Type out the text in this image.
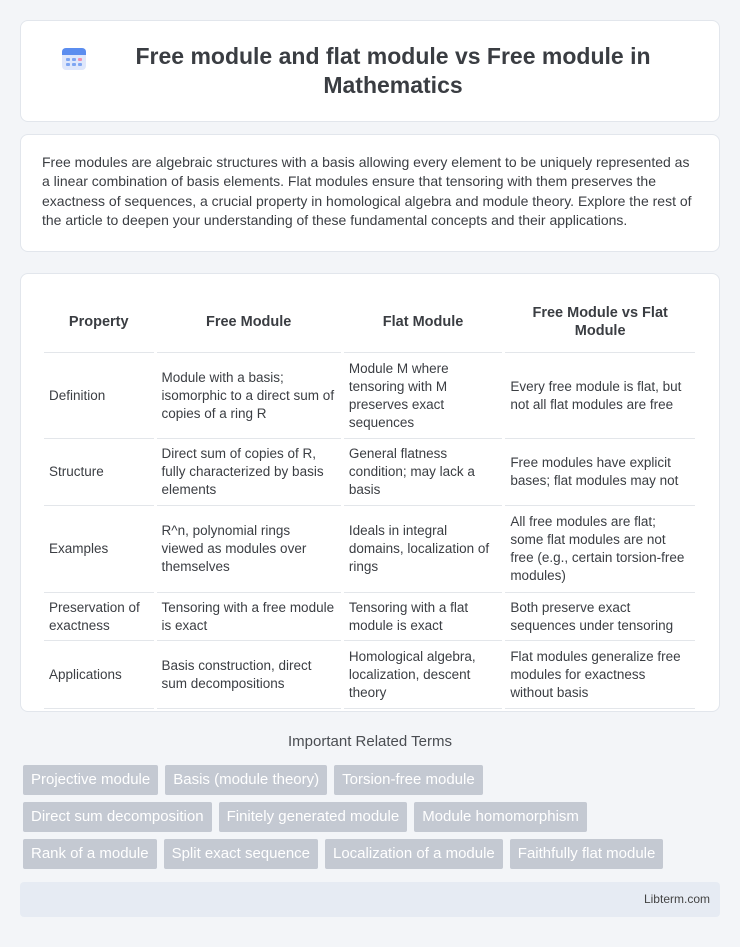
Free module and flat module vs Free module in Mathematics

Free modules are algebraic structures with a basis allowing every element to be uniquely represented as a linear combination of basis elements. Flat modules ensure that tensoring with them preserves the exactness of sequences, a crucial property in homological algebra and module theory. Explore the rest of the article to deepen your understanding of these fundamental concepts and their applications.

Property	Free Module	Flat Module	Free Module vs Flat Module
Definition	Module with a basis; isomorphic to a direct sum of copies of a ring R	Module M where tensoring with M preserves exact sequences	Every free module is flat, but not all flat modules are free
Structure	Direct sum of copies of R, fully characterized by basis elements	General flatness condition; may lack a basis	Free modules have explicit bases; flat modules may not
Examples	R^n, polynomial rings viewed as modules over themselves	Ideals in integral domains, localization of rings	All free modules are flat; some flat modules are not free (e.g., certain torsion-free modules)
Preservation of exactness	Tensoring with a free module is exact	Tensoring with a flat module is exact	Both preserve exact sequences under tensoring
Applications	Basis construction, direct sum decompositions	Homological algebra, localization, descent theory	Flat modules generalize free modules for exactness without basis
Important Related Terms
Projective module	Basis (module theory)	Torsion-free module
Direct sum decomposition	Finitely generated module	Module homomorphism
Rank of a module	Split exact sequence	Localization of a module	Faithfully flat module
Libterm.com
